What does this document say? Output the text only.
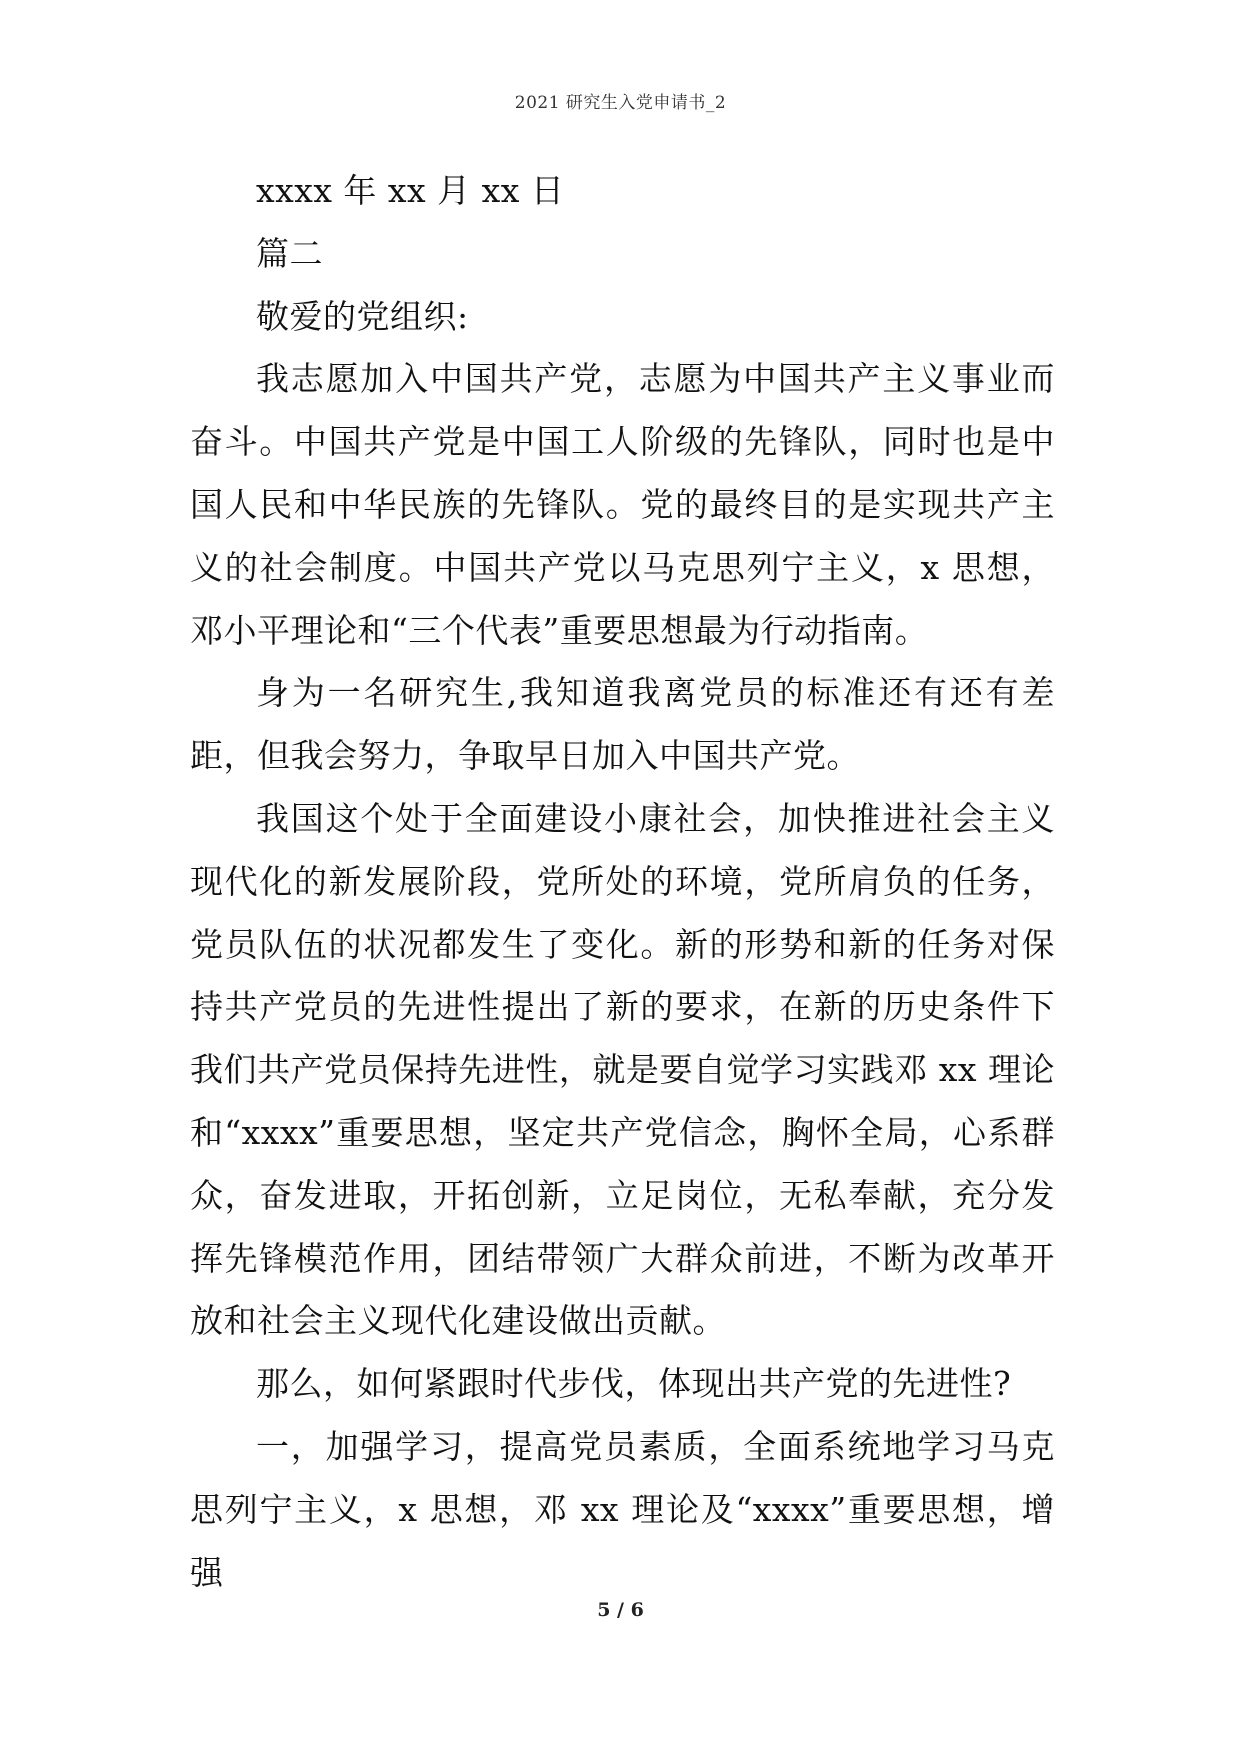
2021 研究生入党申请书_2

xxxx 年 xx 月 xx 日

篇二

敬爱的党组织:

我志愿加入中国共产党，志愿为中国共产主义事业而奋斗。中国共产党是中国工人阶级的先锋队，同时也是中国人民和中华民族的先锋队。党的最终目的是实现共产主义的社会制度。中国共产党以马克思列宁主义，x 思想，邓小平理论和“三个代表”重要思想最为行动指南。

身为一名研究生,我知道我离党员的标准还有还有差距，但我会努力，争取早日加入中国共产党。

我国这个处于全面建设小康社会，加快推进社会主义现代化的新发展阶段，党所处的环境，党所肩负的任务，党员队伍的状况都发生了变化。新的形势和新的任务对保持共产党员的先进性提出了新的要求，在新的历史条件下我们共产党员保持先进性，就是要自觉学习实践邓 xx 理论和“xxxx”重要思想，坚定共产党信念，胸怀全局，心系群众，奋发进取，开拓创新，立足岗位，无私奉献，充分发挥先锋模范作用，团结带领广大群众前进，不断为改革开放和社会主义现代化建设做出贡献。

那么，如何紧跟时代步伐，体现出共产党的先进性?

一，加强学习，提高党员素质，全面系统地学习马克思列宁主义，x 思想，邓 xx 理论及“xxxx”重要思想，增强

5 / 6
